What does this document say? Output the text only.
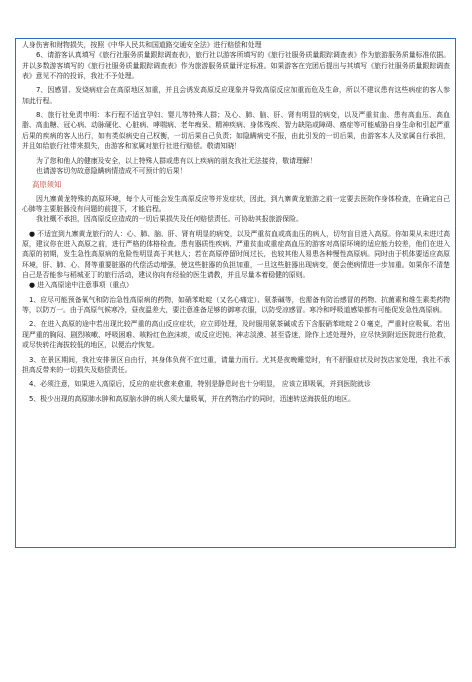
人身伤害和财物损失，按照《中华人民共和国道路交通安全法》进行赔偿和处理

6、请游客认真填写《旅行社服务质量跟踪调查表》，旅行社以游客所填写的《旅行社服务质量跟踪调查表》作为旅游服务质量标准依据。并以多数游客填写的《旅行社服务质量跟踪调查表》作为旅游服务质量评定标准。如果游客在完团后提出与其填写《旅行社服务质量跟踪调查表》意见不符的投诉，我社不予处理。

7、因感冒、发烧病症会在高原地区加重，并且会诱发高原反应现象并导致高原反应加重而危及生命，所以不建议患有这些病症的客人参加此行程。

8、旅行社免责申明：本行程不适宜孕妇、婴儿等特殊人群；及心、肺、脑、肝、肾有明显的病变，以及严重贫血、患有高血压、高血脂、高血糖、冠心病、动脉硬化、心脏病、哮喘病、老年痴呆、精神疾病、身体残疾、智力缺陷或障碍、癌症等可能威胁自身生命和引起严重后果的疾病的客人出行，如有类似病史自己权衡，一切后果自己负责；如隐瞒病史不报，由此引发的一切后果，由游客本人及家属自行承担，并且如给旅行社带来损失，由游客和家属对旅行社进行赔偿。敬请知晓！

为了您和他人的健康及安全，以上特殊人群或患有以上疾病的朋友我社无法接待，敬请理解！

也请游客切勿故意隐瞒病情造成不可预计的后果！

高原须知

因九寨黄龙特殊的高原环境，每个人可能会发生高原反应等并发症状，因此，到九寨黄龙旅游之前一定要去医院作身体检查，在确定自己心肺等主要脏器没有问题的前提下，才能启程。

我社概不承担，因高原反应造成的一切后果损失及任何赔偿责任。可协助其报旅游保险。

● 不适宜到九寨黄龙旅行的人：心、肺、脑、肝、肾有明显的病变，以及严重贫血或高血压的病人，切勿盲目进入高原。你如果从未进过高原，建议你在进入高原之前，进行严格的体格检查。患有器质性疾病、严重贫血或重症高血压的游客对高原环境的适应能力较差，他们在进入高原的初期，发生急性高原病的危险性明显高于其他人；若在高原停留时间过长，也较其他人易患各种慢性高原病。同时由于机体要适应高原环境，肝、肺、心、肾等重要脏器的代偿活动增强，使这些脏器的负担加重，一旦这些脏器出现病变，便会使病情进一步加重。如果你不清楚自己是否能参与稻城亚丁的旅行活动，建议你向有经验的医生请教，并且尽量本着稳健的原则。

● 进入高原途中注意事项（重点）

1、应尽可能预备氧气和防治急性高原病的药物，如硝苯吡啶（又名心痛定）、氨茶碱等，也需备有防治感冒的药物、抗菌素和维生素类药物等，以防万一。由于高原气候寒冷，昼夜温差大，要注意准备足够的御寒衣服，以防受凉感冒。寒冷和呼吸道感染都有可能促发急性高原病。

2、在进入高原的途中若出现比较严重的高山反应症状，应立即处理，及时服用氨茶碱或舌下含服硝苯吡啶２０毫克，严重时应吸氧。若出现严重的胸闷、剧烈咳嗽、呼吸困难、咳粉红色泡沫痰，或反应迟钝、神志淡漠、甚至昏迷，除作上述处理外，应尽快到附近医院进行抢救，或尽快转往海拔较低的地区，以便治疗恢复。

3、在景区期间，我社安排景区自由行，其身体负荷不宜过重，请量力而行。尤其是夜晚睡觉时，有不舒服症状及时找店家处理，我社不承担高反带来的一切损失及赔偿责任。

4、必须注意，如果进入高原后，反应的症状愈来愈重，特别是静息时也十分明显， 应该立即吸氧，并到医院就诊

5、极少出现的高原肺水肿和高原脑水肿的病人须大量吸氧，并在药物治疗的同时，迅速转送海拔低的地区。
